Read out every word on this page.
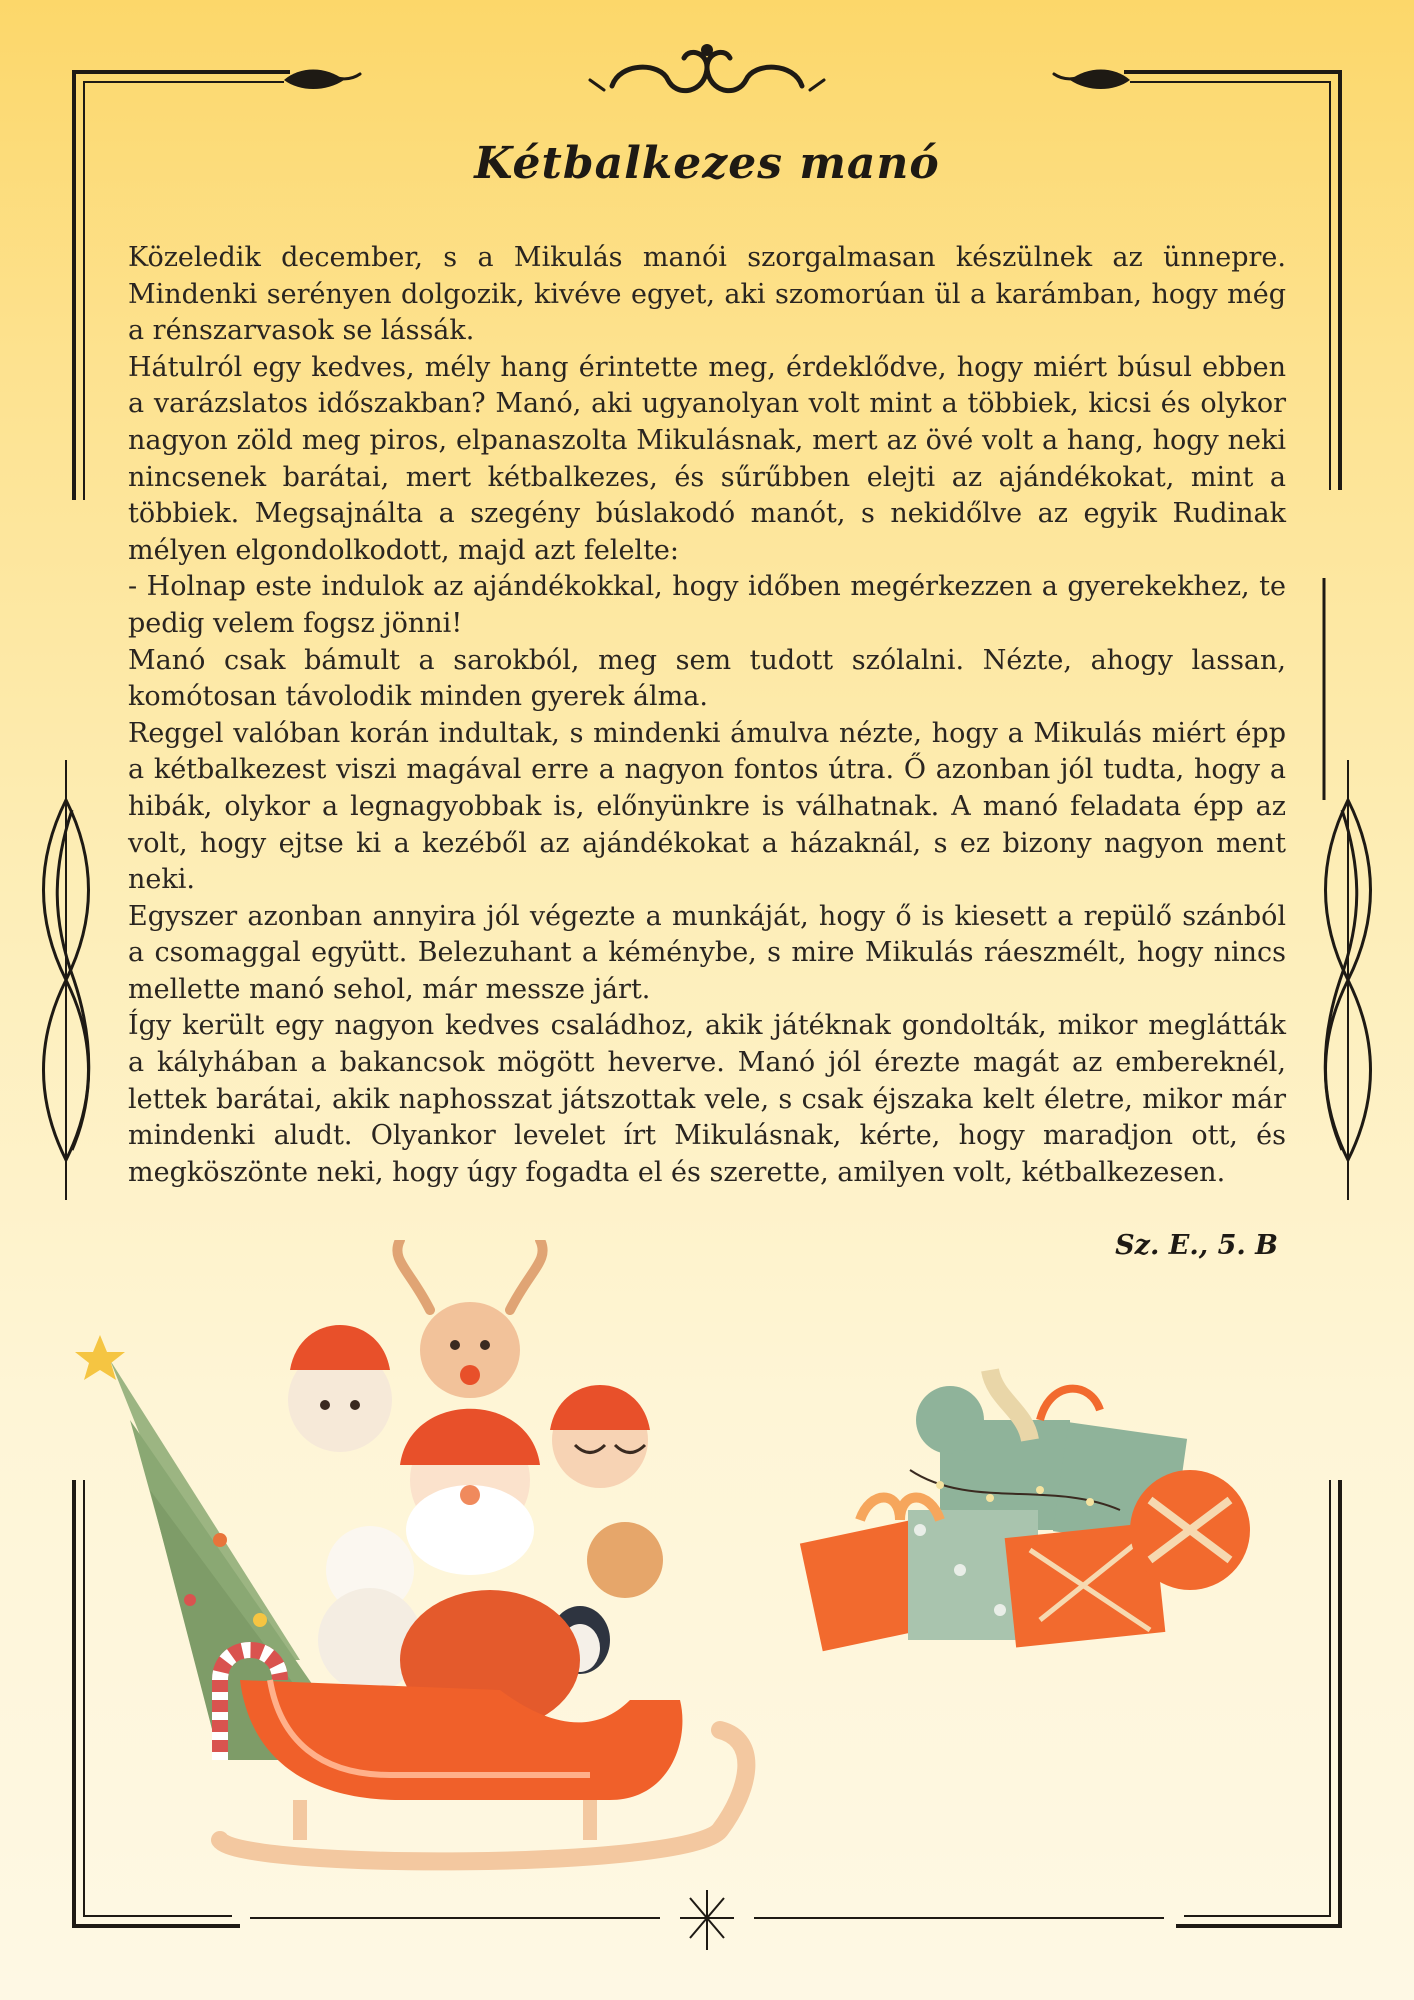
Kétbalkezes manó

Közeledik december, s a Mikulás manói szorgalmasan készülnek az ünnepre. Mindenki serényen dolgozik, kivéve egyet, aki szomorúan ül a karámban, hogy még a rénszarvasok se lássák.

Hátulról egy kedves, mély hang érintette meg, érdeklődve, hogy miért búsul ebben a varázslatos időszakban? Manó, aki ugyanolyan volt mint a többiek, kicsi és olykor nagyon zöld meg piros, elpanaszolta Mikulásnak, mert az övé volt a hang, hogy neki nincsenek barátai, mert kétbalkezes, és sűrűbben elejti az ajándékokat, mint a többiek. Megsajnálta a szegény búslakodó manót, s nekidőlve az egyik Rudinak mélyen elgondolkodott, majd azt felelte:

- Holnap este indulok az ajándékokkal, hogy időben megérkezzen a gyerekekhez, te pedig velem fogsz jönni!

Manó csak bámult a sarokból, meg sem tudott szólalni. Nézte, ahogy lassan, komótosan távolodik minden gyerek álma.

Reggel valóban korán indultak, s mindenki ámulva nézte, hogy a Mikulás miért épp a kétbalkezest viszi magával erre a nagyon fontos útra. Ő azonban jól tudta, hogy a hibák, olykor a legnagyobbak is, előnyünkre is válhatnak. A manó feladata épp az volt, hogy ejtse ki a kezéből az ajándékokat a házaknál, s ez bizony nagyon ment neki.

Egyszer azonban annyira jól végezte a munkáját, hogy ő is kiesett a repülő szánból a csomaggal együtt. Belezuhant a kéménybe, s mire Mikulás ráeszmélt, hogy nincs mellette manó sehol, már messze járt.

Így került egy nagyon kedves családhoz, akik játéknak gondolták, mikor meglátták a kályhában a bakancsok mögött heverve. Manó jól érezte magát az embereknél, lettek barátai, akik naphosszat játszottak vele, s csak éjszaka kelt életre, mikor már mindenki aludt. Olyankor levelet írt Mikulásnak, kérte, hogy maradjon ott, és megköszönte neki, hogy úgy fogadta el és szerette, amilyen volt, kétbalkezesen.

Sz. E., 5. B
